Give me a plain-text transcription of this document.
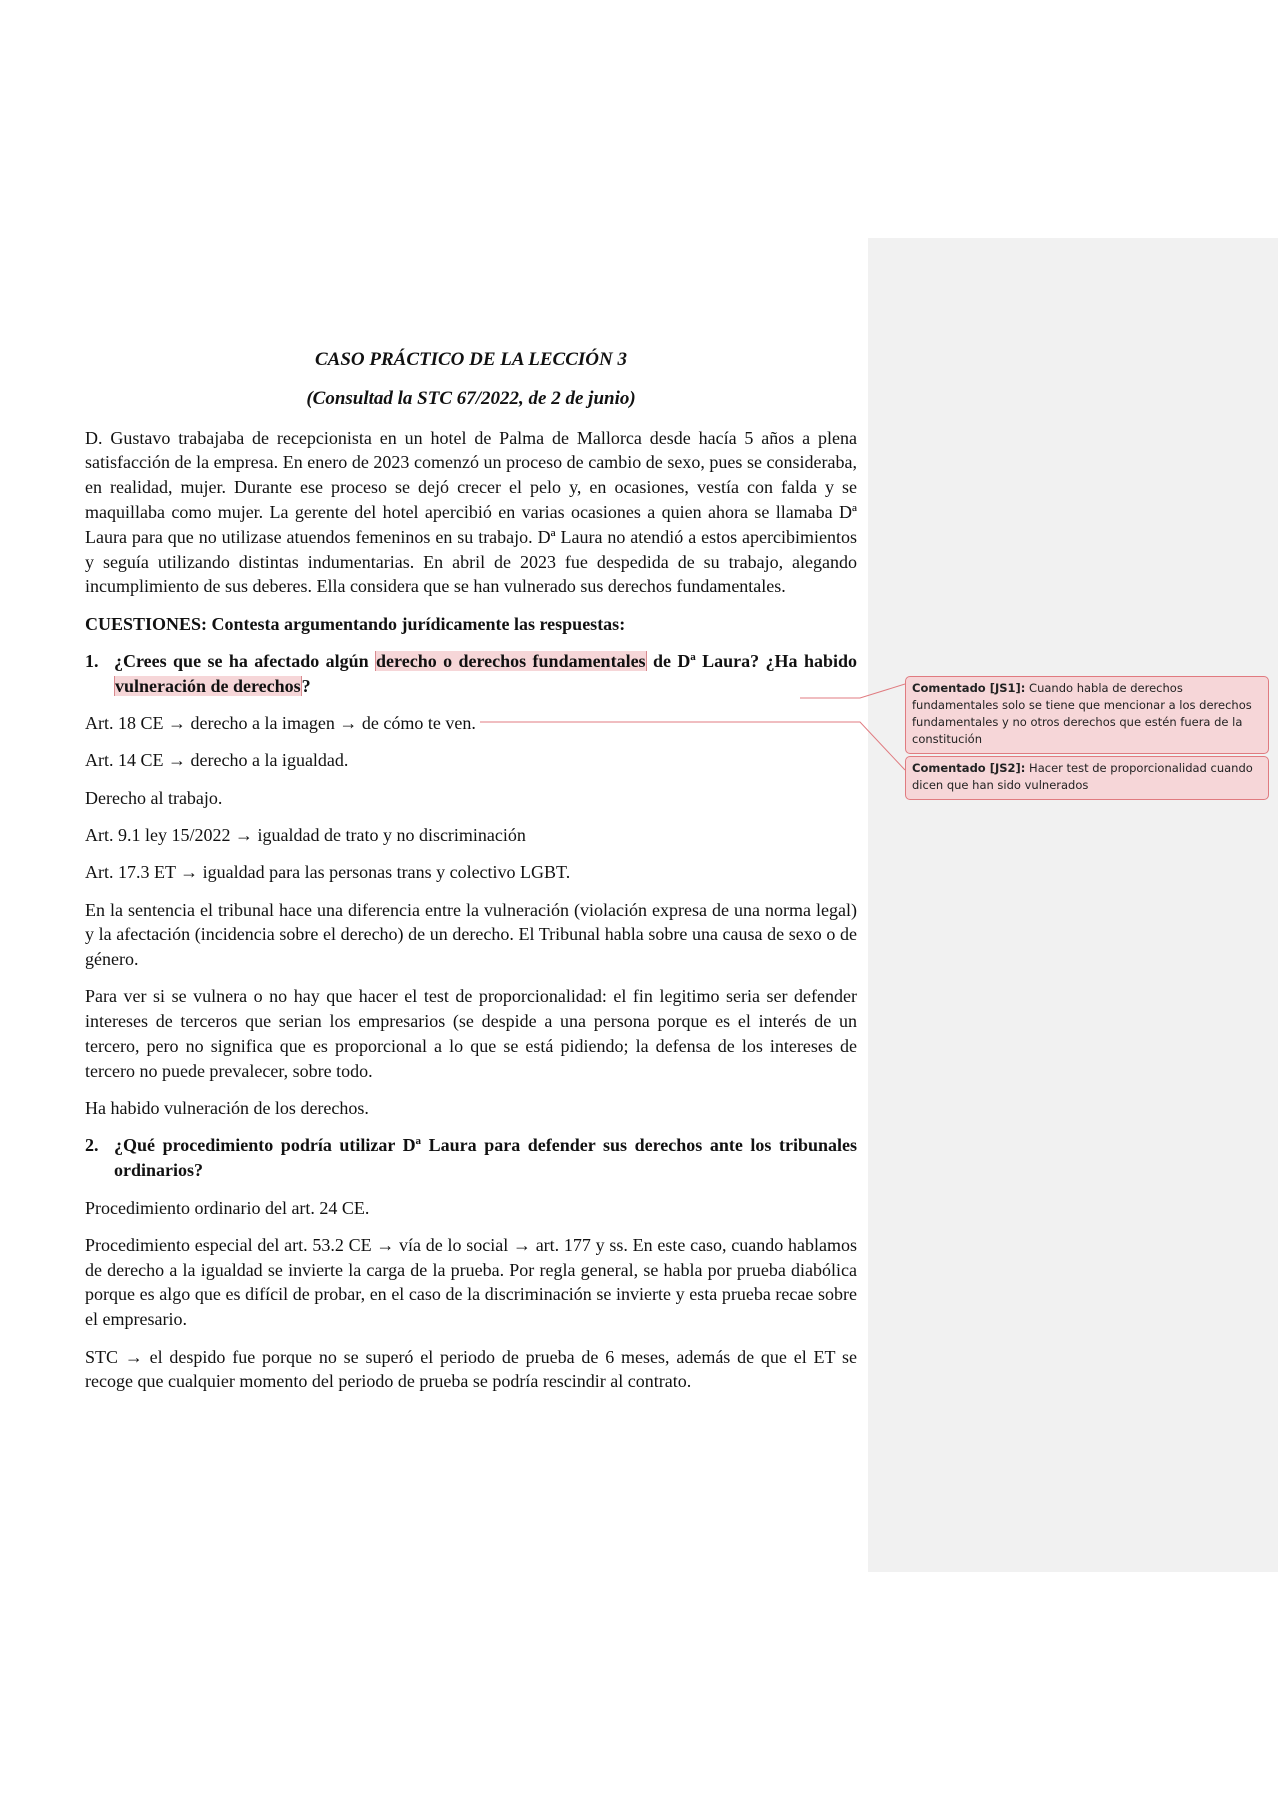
CASO PRÁCTICO DE LA LECCIÓN 3
(Consultad la STC 67/2022, de 2 de junio)

D. Gustavo trabajaba de recepcionista en un hotel de Palma de Mallorca desde hacía 5 años a plena satisfacción de la empresa. En enero de 2023 comenzó un proceso de cambio de sexo, pues se consideraba, en realidad, mujer. Durante ese proceso se dejó crecer el pelo y, en ocasiones, vestía con falda y se maquillaba como mujer. La gerente del hotel apercibió en varias ocasiones a quien ahora se llamaba Dª Laura para que no utilizase atuendos femeninos en su trabajo. Dª Laura no atendió a estos apercibimientos y seguía utilizando distintas indumentarias. En abril de 2023 fue despedida de su trabajo, alegando incumplimiento de sus deberes. Ella considera que se han vulnerado sus derechos fundamentales.

CUESTIONES: Contesta argumentando jurídicamente las respuestas:

1. ¿Crees que se ha afectado algún derecho o derechos fundamentales de Dª Laura? ¿Ha habido vulneración de derechos?

Art. 18 CE → derecho a la imagen → de cómo te ven.

Art. 14 CE → derecho a la igualdad.

Derecho al trabajo.

Art. 9.1 ley 15/2022 → igualdad de trato y no discriminación

Art. 17.3 ET → igualdad para las personas trans y colectivo LGBT.

En la sentencia el tribunal hace una diferencia entre la vulneración (violación expresa de una norma legal) y la afectación (incidencia sobre el derecho) de un derecho. El Tribunal habla sobre una causa de sexo o de género.

Para ver si se vulnera o no hay que hacer el test de proporcionalidad: el fin legitimo seria ser defender intereses de terceros que serian los empresarios (se despide a una persona porque es el interés de un tercero, pero no significa que es proporcional a lo que se está pidiendo; la defensa de los intereses de tercero no puede prevalecer, sobre todo.

Ha habido vulneración de los derechos.

2. ¿Qué procedimiento podría utilizar Dª Laura para defender sus derechos ante los tribunales ordinarios?

Procedimiento ordinario del art. 24 CE.

Procedimiento especial del art. 53.2 CE → vía de lo social → art. 177 y ss. En este caso, cuando hablamos de derecho a la igualdad se invierte la carga de la prueba. Por regla general, se habla por prueba diabólica porque es algo que es difícil de probar, en el caso de la discriminación se invierte y esta prueba recae sobre el empresario.

STC → el despido fue porque no se superó el periodo de prueba de 6 meses, además de que el ET se recoge que cualquier momento del periodo de prueba se podría rescindir al contrato.

Comentado [JS1]: Cuando habla de derechos fundamentales solo se tiene que mencionar a los derechos fundamentales y no otros derechos que estén fuera de la constitución
Comentado [JS2]: Hacer test de proporcionalidad cuando dicen que han sido vulnerados
